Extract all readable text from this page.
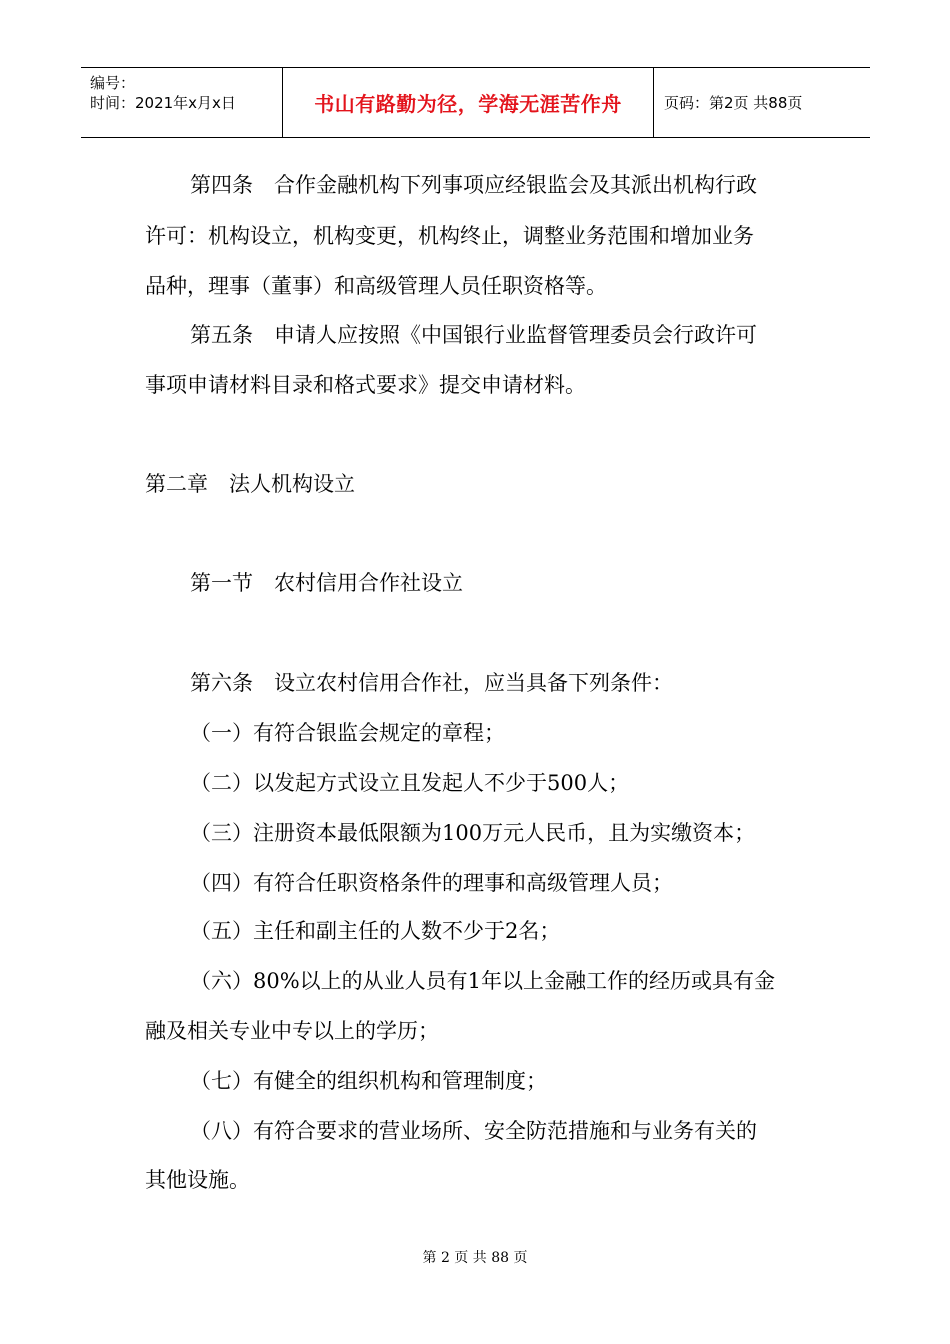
编号：
时间：2021年x月x日	书山有路勤为径，学海无涯苦作舟	页码：第2页 共88页
第四条　合作金融机构下列事项应经银监会及其派出机构行政
许可：机构设立，机构变更，机构终止，调整业务范围和增加业务
品种，理事（董事）和高级管理人员任职资格等。
第五条　申请人应按照《中国银行业监督管理委员会行政许可
事项申请材料目录和格式要求》提交申请材料。
第二章　法人机构设立
第一节　农村信用合作社设立
第六条　设立农村信用合作社，应当具备下列条件：
（一）有符合银监会规定的章程；
（二）以发起方式设立且发起人不少于500人；
（三）注册资本最低限额为100万元人民币，且为实缴资本；
（四）有符合任职资格条件的理事和高级管理人员；
（五）主任和副主任的人数不少于2名；
（六）80%以上的从业人员有1年以上金融工作的经历或具有金
融及相关专业中专以上的学历；
（七）有健全的组织机构和管理制度；
（八）有符合要求的营业场所、安全防范措施和与业务有关的
其他设施。
第 2 页 共 88 页
